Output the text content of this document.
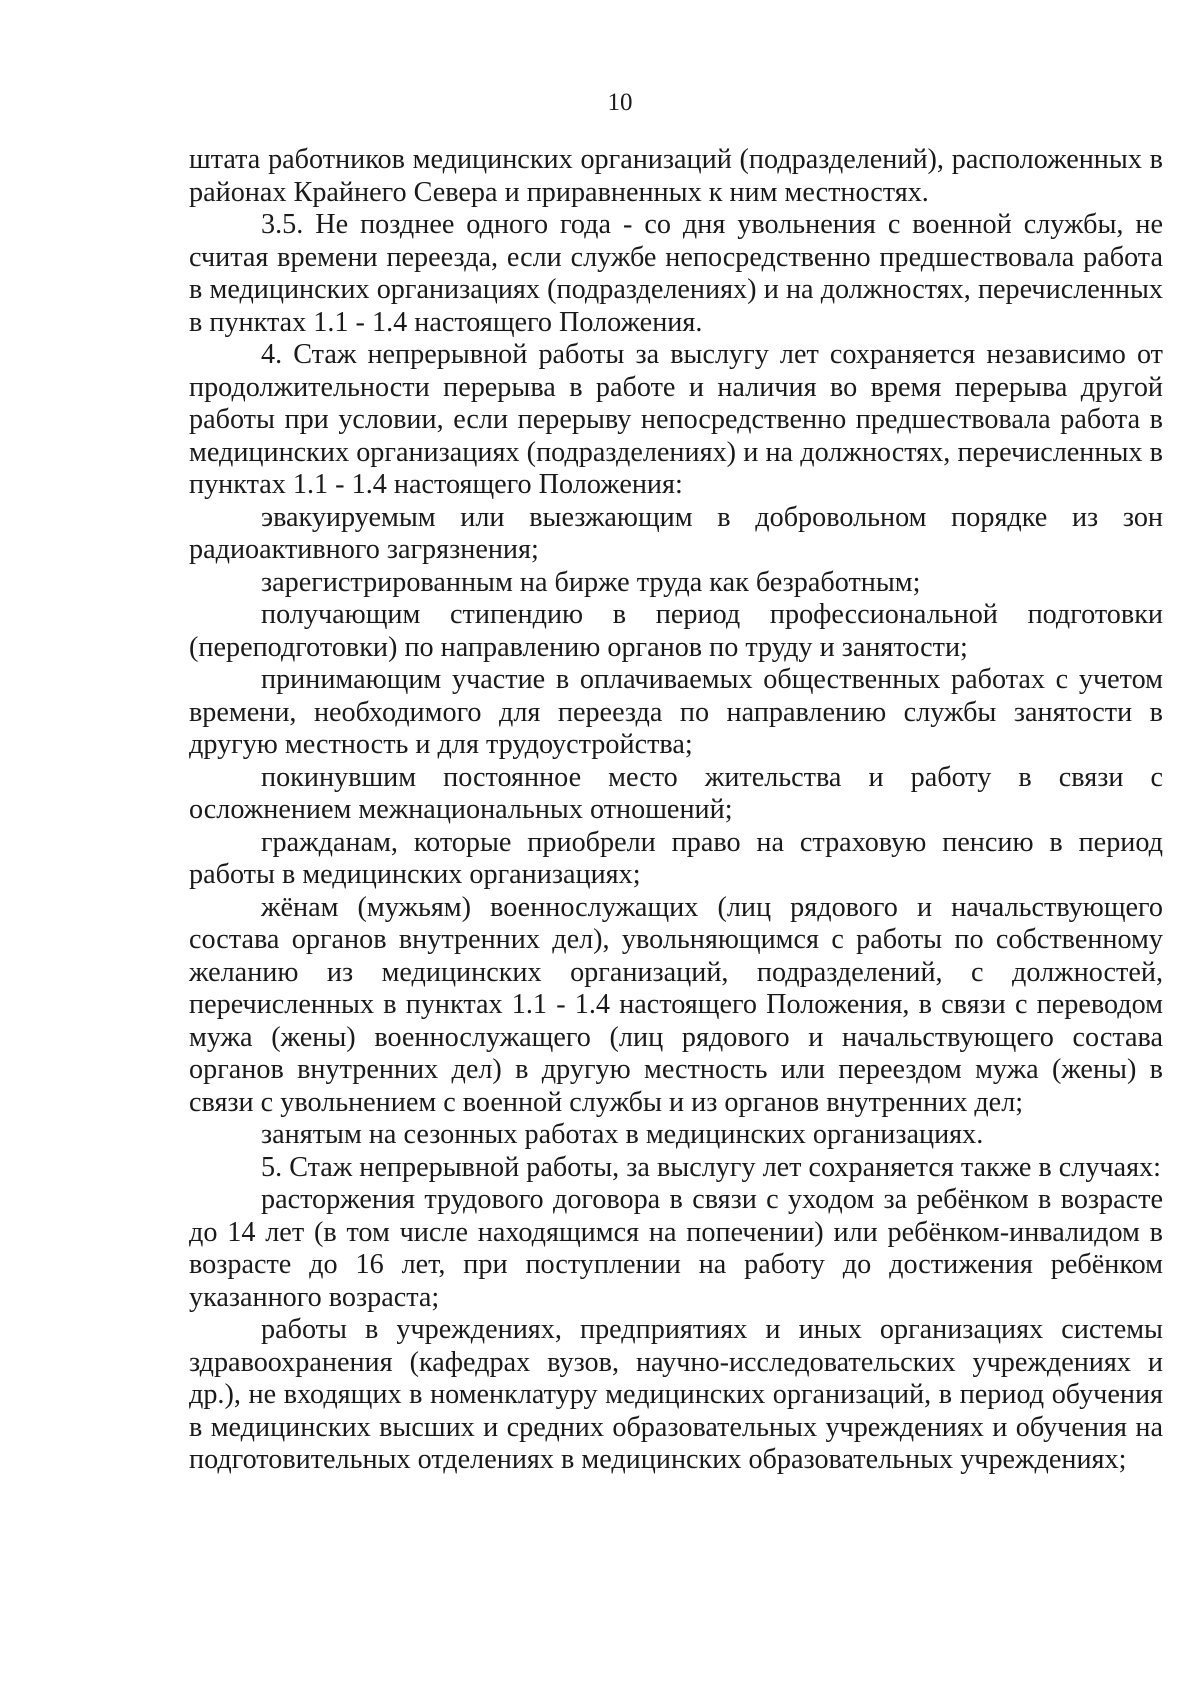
10

штата работников медицинских организаций (подразделений), расположенных в районах Крайнего Севера и приравненных к ним местностях.

3.5. Не позднее одного года - со дня увольнения с военной службы, не считая времени переезда, если службе непосредственно предшествовала работа в медицинских организациях (подразделениях) и на должностях, перечисленных в пунктах 1.1 - 1.4 настоящего Положения.

4. Стаж непрерывной работы за выслугу лет сохраняется независимо от продолжительности перерыва в работе и наличия во время перерыва другой работы при условии, если перерыву непосредственно предшествовала работа в медицинских организациях (подразделениях) и на должностях, перечисленных в пунктах 1.1 - 1.4 настоящего Положения:

эвакуируемым или выезжающим в добровольном порядке из зон радиоактивного загрязнения;

зарегистрированным на бирже труда как безработным;

получающим стипендию в период профессиональной подготовки (переподготовки) по направлению органов по труду и занятости;

принимающим участие в оплачиваемых общественных работах с учетом времени, необходимого для переезда по направлению службы занятости в другую местность и для трудоустройства;

покинувшим постоянное место жительства и работу в связи с осложнением межнациональных отношений;

гражданам, которые приобрели право на страховую пенсию в период работы в медицинских организациях;

жёнам (мужьям) военнослужащих (лиц рядового и начальствующего состава органов внутренних дел), увольняющимся с работы по собственному желанию из медицинских организаций, подразделений, с должностей, перечисленных в пунктах 1.1 - 1.4 настоящего Положения, в связи с переводом мужа (жены) военнослужащего (лиц рядового и начальствующего состава органов внутренних дел) в другую местность или переездом мужа (жены) в связи с увольнением с военной службы и из органов внутренних дел;

занятым на сезонных работах в медицинских организациях.

5. Стаж непрерывной работы, за выслугу лет сохраняется также в случаях:

расторжения трудового договора в связи с уходом за ребёнком в возрасте до 14 лет (в том числе находящимся на попечении) или ребёнком-инвалидом в возрасте до 16 лет, при поступлении на работу до достижения ребёнком указанного возраста;

работы в учреждениях, предприятиях и иных организациях системы здравоохранения (кафедрах вузов, научно-исследовательских учреждениях и др.), не входящих в номенклатуру медицинских организаций, в период обучения в медицинских высших и средних образовательных учреждениях и обучения на подготовительных отделениях в медицинских образовательных учреждениях;
